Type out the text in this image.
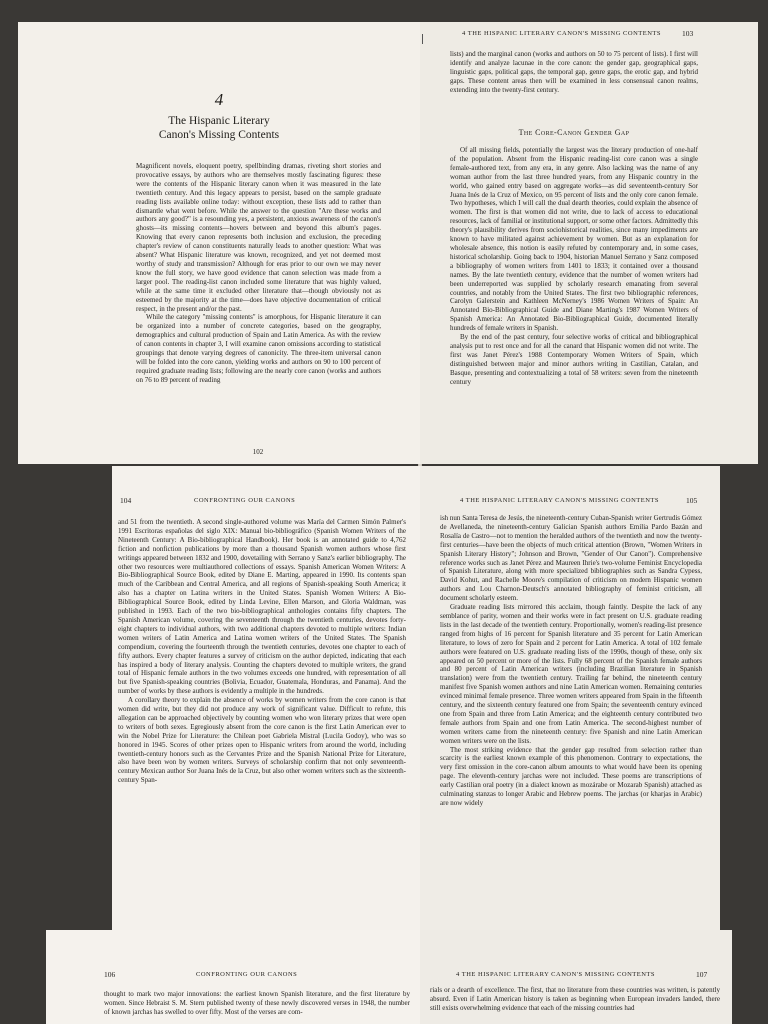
4
The Hispanic Literary
Canon's Missing Contents

Magnificent novels, eloquent poetry, spellbinding dramas, riveting short stories and provocative essays, by authors who are themselves mostly fascinating figures: these were the contents of the Hispanic literary canon when it was measured in the late twentieth century. And this legacy appears to persist, based on the sample graduate reading lists available online today: without exception, these lists add to rather than dismantle what went before. While the answer to the question "Are these works and authors any good?" is a resounding yes, a persistent, anxious awareness of the canon's ghosts—its missing contents—hovers between and beyond this album's pages. Knowing that every canon represents both inclusion and exclusion, the preceding chapter's review of canon constituents naturally leads to another question: What was absent? What Hispanic literature was known, recognized, and yet not deemed most worthy of study and transmission? Although for eras prior to our own we may never know the full story, we have good evidence that canon selection was made from a larger pool. The reading-list canon included some literature that was highly valued, while at the same time it excluded other literature that—though obviously not as esteemed by the majority at the time—does have objective documentation of critical respect, in the present and/or the past.

While the category "missing contents" is amorphous, for Hispanic literature it can be organized into a number of concrete categories, based on the geography, demographics and cultural production of Spain and Latin America. As with the review of canon contents in chapter 3, I will examine canon omissions according to statistical groupings that denote varying degrees of canonicity. The three-item universal canon will be folded into the core canon, yielding works and authors on 90 to 100 percent of required graduate reading lists; following are the nearly core canon (works and authors on 76 to 89 percent of reading

102
4 THE HISPANIC LITERARY CANON'S MISSING CONTENTS	103

lists) and the marginal canon (works and authors on 50 to 75 percent of lists). I first will identify and analyze lacunae in the core canon: the gender gap, geographical gaps, linguistic gaps, political gaps, the temporal gap, genre gaps, the erotic gap, and hybrid gaps. These content areas then will be examined in less consensual canon realms, extending into the twenty-first century.

The Core-Canon Gender Gap

Of all missing fields, potentially the largest was the literary production of one-half of the population. Absent from the Hispanic reading-list core canon was a single female-authored text, from any era, in any genre. Also lacking was the name of any woman author from the last three hundred years, from any Hispanic country in the world, who gained entry based on aggregate works—as did seventeenth-century Sor Juana Inés de la Cruz of Mexico, on 95 percent of lists and the only core canon female. Two hypotheses, which I will call the dual dearth theories, could explain the absence of women. The first is that women did not write, due to lack of access to educational resources, lack of familial or institutional support, or some other factors. Admittedly this theory's plausibility derives from sociohistorical realities, since many impediments are known to have militated against achievement by women. But as an explanation for wholesale absence, this notion is easily refuted by contemporary and, in some cases, historical scholarship. Going back to 1904, historian Manuel Serrano y Sanz composed a bibliography of women writers from 1401 to 1833; it contained over a thousand names. By the late twentieth century, evidence that the number of women writers had been underreported was supplied by scholarly research emanating from several countries, and notably from the United States. The first two bibliographic references, Carolyn Galerstein and Kathleen McNerney's 1986 Women Writers of Spain: An Annotated Bio-Bibliographical Guide and Diane Marting's 1987 Women Writers of Spanish America: An Annotated Bio-Bibliographical Guide, documented literally hundreds of female writers in Spanish.

By the end of the past century, four selective works of critical and bibliographical analysis put to rest once and for all the canard that Hispanic women did not write. The first was Janet Pérez's 1988 Contemporary Women Writers of Spain, which distinguished between major and minor authors writing in Castilian, Catalan, and Basque, presenting and contextualizing a total of 58 writers: seven from the nineteenth century

104	CONFRONTING OUR CANONS

and 51 from the twentieth. A second single-authored volume was María del Carmen Simón Palmer's 1991 Escritoras españolas del siglo XIX: Manual bio-bibliográfico (Spanish Women Writers of the Nineteenth Century: A Bio-bibliographical Handbook). Her book is an annotated guide to 4,762 fiction and nonfiction publications by more than a thousand Spanish women authors whose first writings appeared between 1832 and 1900, dovetailing with Serrano y Sanz's earlier bibliography. The other two resources were multiauthored collections of essays. Spanish American Women Writers: A Bio-Bibliographical Source Book, edited by Diane E. Marting, appeared in 1990. Its contents span much of the Caribbean and Central America, and all regions of Spanish-speaking South America; it also has a chapter on Latina writers in the United States. Spanish Women Writers: A Bio-Bibliographical Source Book, edited by Linda Levine, Ellen Marson, and Gloria Waldman, was published in 1993. Each of the two bio-bibliographical anthologies contains fifty chapters. The Spanish American volume, covering the seventeenth through the twentieth centuries, devotes forty-eight chapters to individual authors, with two additional chapters devoted to multiple writers: Indian women writers of Latin America and Latina women writers of the United States. The Spanish compendium, covering the fourteenth through the twentieth centuries, devotes one chapter to each of fifty authors. Every chapter features a survey of criticism on the author depicted, indicating that each has inspired a body of literary analysis. Counting the chapters devoted to multiple writers, the grand total of Hispanic female authors in the two volumes exceeds one hundred, with representation of all but five Spanish-speaking countries (Bolivia, Ecuador, Guatemala, Honduras, and Panama). And the number of works by these authors is evidently a multiple in the hundreds.

A corollary theory to explain the absence of works by women writers from the core canon is that women did write, but they did not produce any work of significant value. Difficult to refute, this allegation can be approached objectively by counting women who won literary prizes that were open to writers of both sexes. Egregiously absent from the core canon is the first Latin American ever to win the Nobel Prize for Literature: the Chilean poet Gabriela Mistral (Lucila Godoy), who was so honored in 1945. Scores of other prizes open to Hispanic writers from around the world, including twentieth-century honors such as the Cervantes Prize and the Spanish National Prize for Literature, also have been won by women writers. Surveys of scholarship confirm that not only seventeenth-century Mexican author Sor Juana Inés de la Cruz, but also other women writers such as the sixteenth-century Span-

4 THE HISPANIC LITERARY CANON'S MISSING CONTENTS	105

ish nun Santa Teresa de Jesús, the nineteenth-century Cuban-Spanish writer Gertrudis Gómez de Avellaneda, the nineteenth-century Galician Spanish authors Emilia Pardo Bazán and Rosalía de Castro—not to mention the heralded authors of the twentieth and now the twenty-first centuries—have been the objects of much critical attention (Brown, "Women Writers in Spanish Literary History"; Johnson and Brown, "Gender of Our Canon"). Comprehensive reference works such as Janet Pérez and Maureen Ihrie's two-volume Feminist Encyclopedia of Spanish Literature, along with more specialized bibliographies such as Sandra Cypess, David Kohut, and Rachelle Moore's compilation of criticism on modern Hispanic women authors and Lou Charnon-Deutsch's annotated bibliography of feminist criticism, all document scholarly esteem.

Graduate reading lists mirrored this acclaim, though faintly. Despite the lack of any semblance of parity, women and their works were in fact present on U.S. graduate reading lists in the last decade of the twentieth century. Proportionally, women's reading-list presence ranged from highs of 16 percent for Spanish literature and 35 percent for Latin American literature, to lows of zero for Spain and 2 percent for Latin America. A total of 102 female authors were featured on U.S. graduate reading lists of the 1990s, though of these, only six appeared on 50 percent or more of the lists. Fully 68 percent of the Spanish female authors and 80 percent of Latin American writers (including Brazilian literature in Spanish translation) were from the twentieth century. Trailing far behind, the nineteenth century manifest five Spanish women authors and nine Latin American women. Remaining centuries evinced minimal female presence. Three women writers appeared from Spain in the fifteenth century, and the sixteenth century featured one from Spain; the seventeenth century evinced one from Spain and three from Latin America; and the eighteenth century contributed two female authors from Spain and one from Latin America. The second-highest number of women writers came from the nineteenth century: five Spanish and nine Latin American women writers were on the lists.

The most striking evidence that the gender gap resulted from selection rather than scarcity is the earliest known example of this phenomenon. Contrary to expectations, the very first omission in the core-canon album amounts to what would have been its opening page. The eleventh-century jarchas were not included. These poems are transcriptions of early Castilian oral poetry (in a dialect known as mozárabe or Mozarab Spanish) attached as culminating stanzas to longer Arabic and Hebrew poems. The jarchas (or kharjas in Arabic) are now widely

106	CONFRONTING OUR CANONS

thought to mark two major innovations: the earliest known Spanish literature, and the first literature by women. Since Hebraist S. M. Stern published twenty of these newly discovered verses in 1948, the number of known jarchas has swelled to over fifty. Most of the verses are com-

4 THE HISPANIC LITERARY CANON'S MISSING CONTENTS	107

rials or a dearth of excellence. The first, that no literature from these countries was written, is patently absurd. Even if Latin American history is taken as beginning when European invaders landed, there still exists overwhelming evidence that each of the missing countries had
